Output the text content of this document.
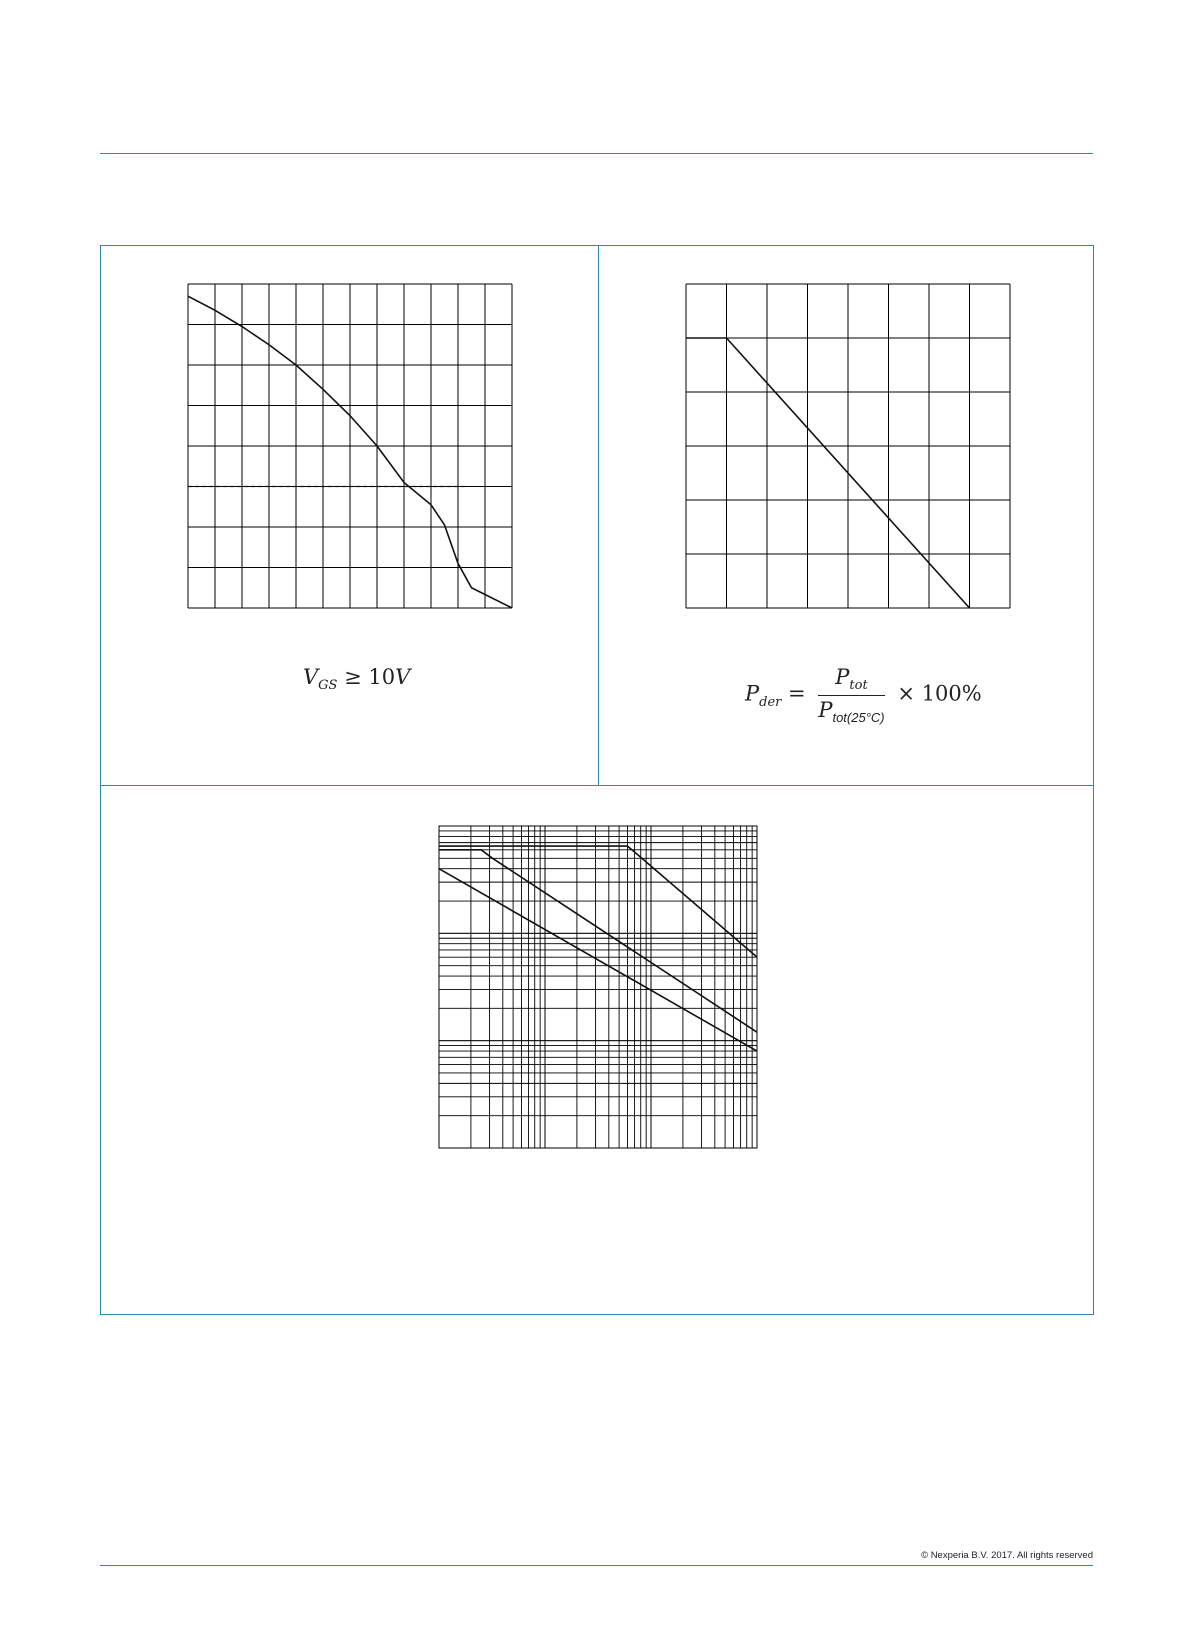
$V_{GS} \ge 10V$
$P_{der} = \frac{P_{tot}}{P_{tot(25^\circ C)}} \times 100\%$
© Nexperia B.V. 2017. All rights reserved
